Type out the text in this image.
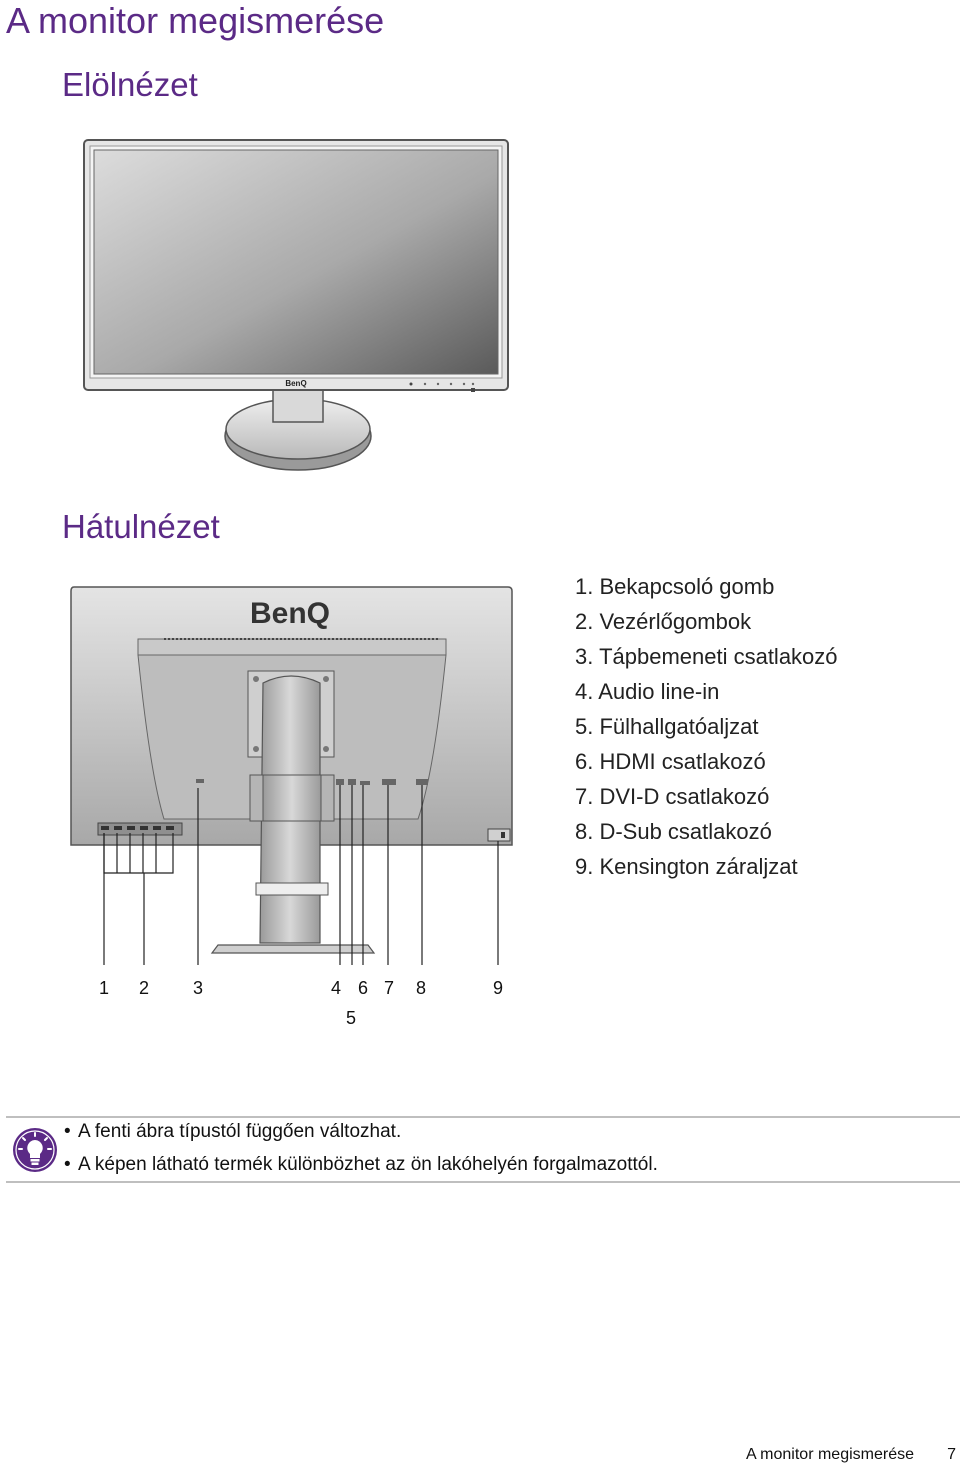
A monitor megismerése
Elölnézet
BenQ
Hátulnézet
BenQ
1 2 3	4 6 7 8	9
5
1. Bekapcsoló gomb
2. Vezérlőgombok
3. Tápbemeneti csatlakozó
4. Audio line-in
5. Fülhallgatóaljzat
6. HDMI csatlakozó
7. DVI-D csatlakozó
8. D-Sub csatlakozó
9. Kensington záraljzat
• A fenti ábra típustól függően változhat.
• A képen látható termék különbözhet az ön lakóhelyén forgalmazottól.
A monitor megismerése 7
